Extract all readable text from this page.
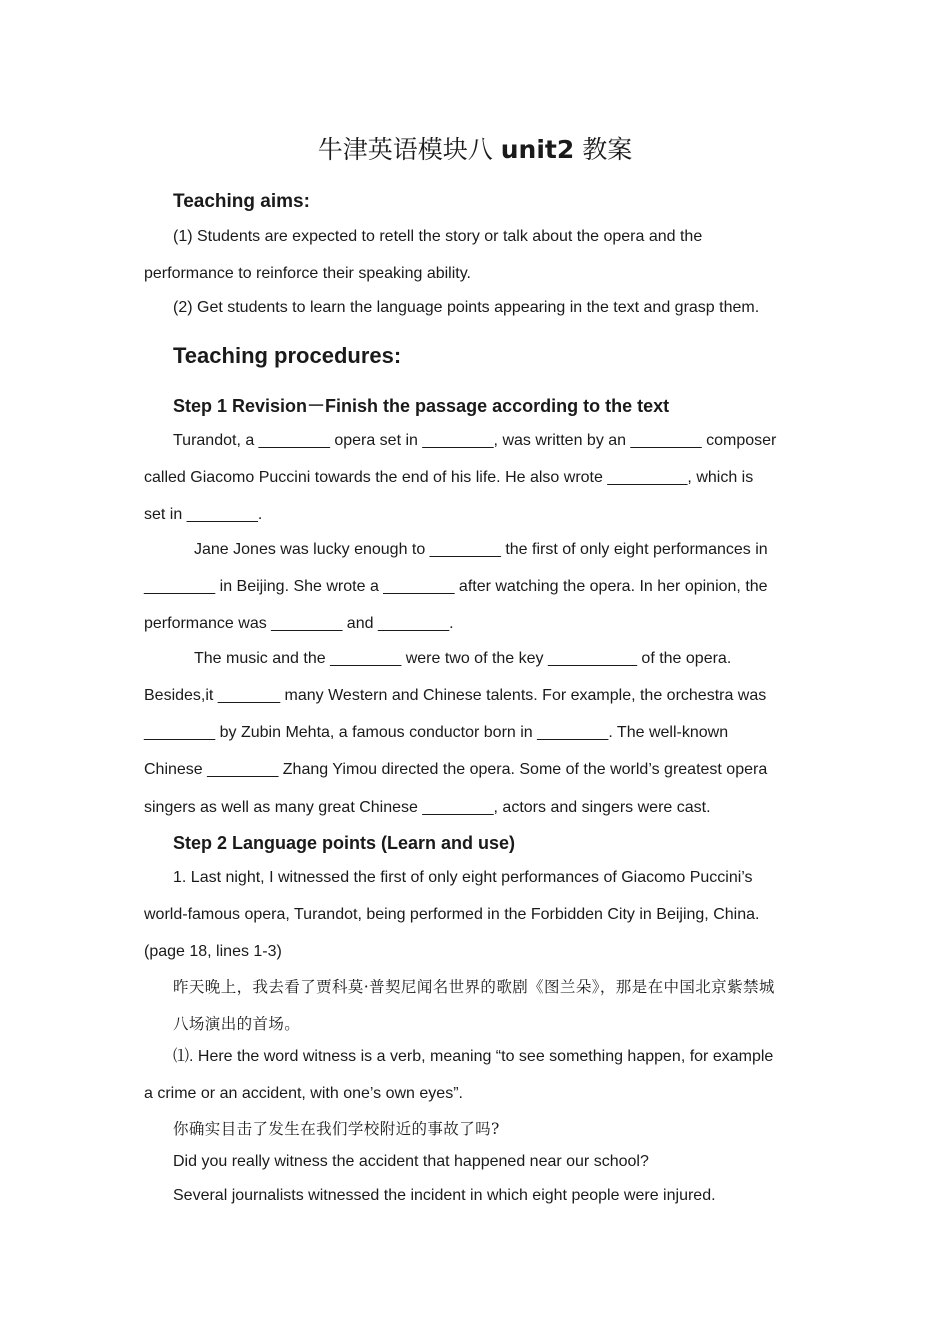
牛津英语模块八 unit2 教案
Teaching aims:
(1) Students are expected to retell the story or talk about the opera and the
performance to reinforce their speaking ability.
(2) Get students to learn the language points appearing in the text and grasp them.
Teaching procedures:
Step 1 Revision－Finish the passage according to the text
Turandot, a ________ opera set in ________, was written by an ________ composer
called Giacomo Puccini towards the end of his life. He also wrote _________, which is
set in ________.
Jane Jones was lucky enough to ________ the first of only eight performances in
________ in Beijing. She wrote a ________ after watching the opera. In her opinion, the
performance was ________ and ________.
The music and the ________ were two of the key __________ of the opera.
Besides,it _______ many Western and Chinese talents. For example, the orchestra was
________ by Zubin Mehta, a famous conductor born in ________. The well-known
Chinese ________ Zhang Yimou directed the opera. Some of the world’s greatest opera
singers as well as many great Chinese ________, actors and singers were cast.
Step 2 Language points (Learn and use)
1. Last night, I witnessed the first of only eight performances of Giacomo Puccini’s
world-famous opera, Turandot, being performed in the Forbidden City in Beijing, China.
(page 18, lines 1-3)
昨天晚上，我去看了贾科莫·普契尼闻名世界的歌剧《图兰朵》，那是在中国北京紫禁城
八场演出的首场。
⑴. Here the word witness is a verb, meaning “to see something happen, for example
a crime or an accident, with one’s own eyes”.
你确实目击了发生在我们学校附近的事故了吗?
Did you really witness the accident that happened near our school?
Several journalists witnessed the incident in which eight people were injured.
